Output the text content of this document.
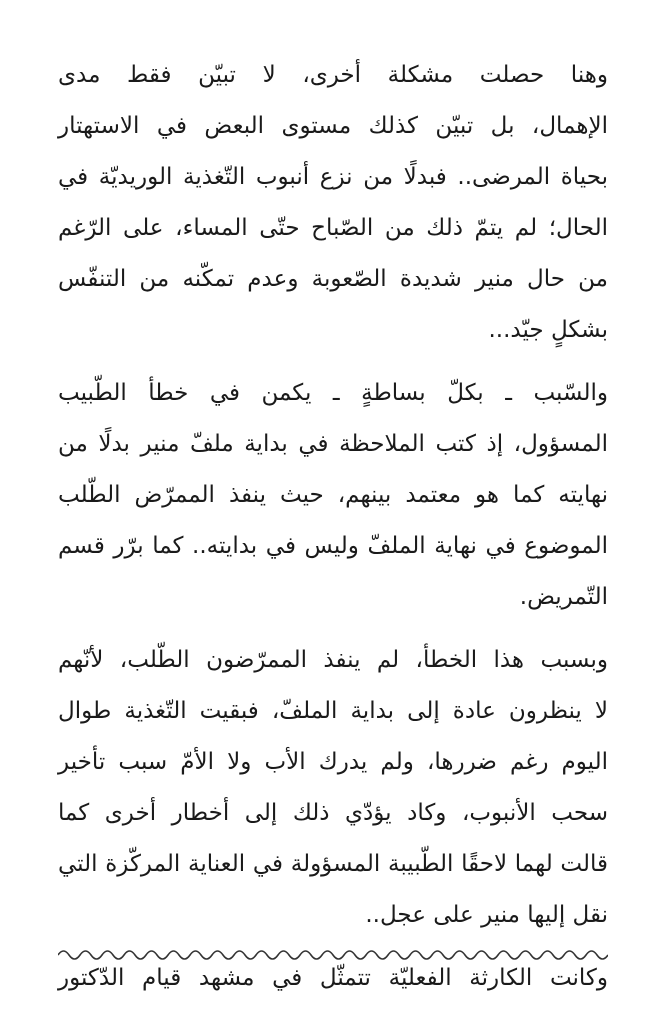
وهنا حصلت مشكلة أخرى، لا تبيّن فقط مدى
الإهمال، بل تبيّن كذلك مستوى البعض في الاستهتار
بحياة المرضى.. فبدلًا من نزع أنبوب التّغذية الوريديّة في
الحال؛ لم يتمّ ذلك من الصّباح حتّى المساء، على الرّغم
من حال منير شديدة الصّعوبة وعدم تمكّنه من التنفّس
بشكلٍ جيّد...
والسّبب ـ بكلّ بساطةٍ ـ يكمن في خطأ الطّبيب
المسؤول، إذ كتب الملاحظة في بداية ملفّ منير بدلًا من
نهايته كما هو معتمد بينهم، حيث ينفذ الممرّض الطّلب
الموضوع في نهاية الملفّ وليس في بدايته.. كما برّر قسم
التّمريض.
وبسبب هذا الخطأ، لم ينفذ الممرّضون الطّلب، لأنّهم
لا ينظرون عادة إلى بداية الملفّ، فبقيت التّغذية طوال
اليوم رغم ضررها، ولم يدرك الأب ولا الأمّ سبب تأخير
سحب الأنبوب، وكاد يؤدّي ذلك إلى أخطار أخرى كما
قالت لهما لاحقًا الطّبيبة المسؤولة في العناية المركّزة التي
نقل إليها منير على عجل..
وكانت الكارثة الفعليّة تتمثّل في مشهد قيام الدّكتور
